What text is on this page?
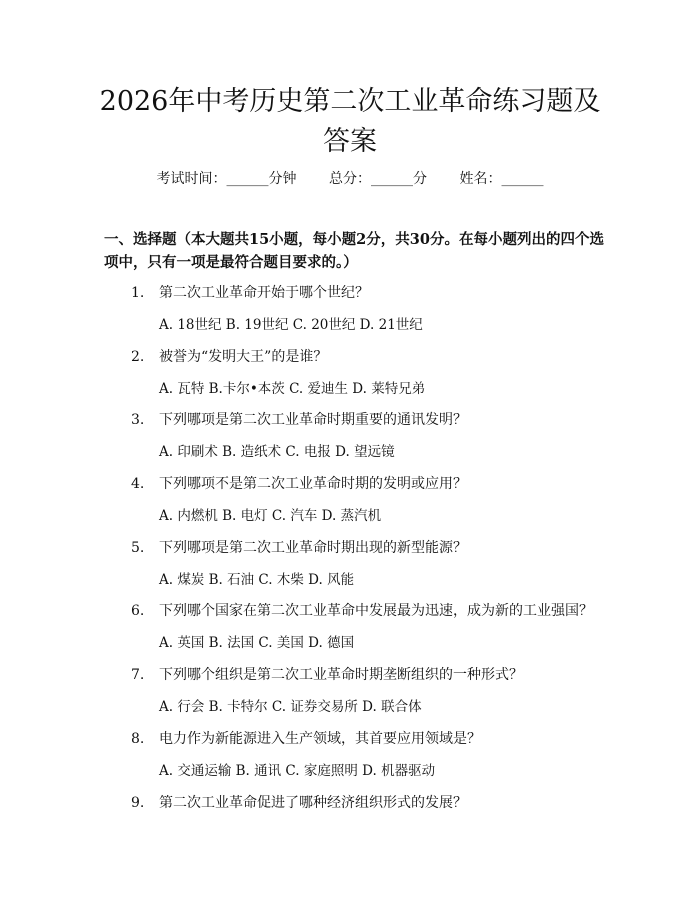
2026年中考历史第二次工业革命练习题及答案
考试时间：______分钟 总分：______分 姓名：______

一、选择题（本大题共15小题，每小题2分，共30分。在每小题列出的四个选项中，只有一项是最符合题目要求的。）

1. 第二次工业革命开始于哪个世纪？
A. 18世纪 B. 19世纪 C. 20世纪 D. 21世纪
2. 被誉为“发明大王”的是谁？
A. 瓦特 B.卡尔•本茨 C. 爱迪生 D. 莱特兄弟
3. 下列哪项是第二次工业革命时期重要的通讯发明？
A. 印刷术 B. 造纸术 C. 电报 D. 望远镜
4. 下列哪项不是第二次工业革命时期的发明或应用？
A. 内燃机 B. 电灯 C. 汽车 D. 蒸汽机
5. 下列哪项是第二次工业革命时期出现的新型能源？
A. 煤炭 B. 石油 C. 木柴 D. 风能
6. 下列哪个国家在第二次工业革命中发展最为迅速，成为新的工业强国？
A. 英国 B. 法国 C. 美国 D. 德国
7. 下列哪个组织是第二次工业革命时期垄断组织的一种形式？
A. 行会 B. 卡特尔 C. 证券交易所 D. 联合体
8. 电力作为新能源进入生产领域，其首要应用领域是？
A. 交通运输 B. 通讯 C. 家庭照明 D. 机器驱动
9. 第二次工业革命促进了哪种经济组织形式的发展？
